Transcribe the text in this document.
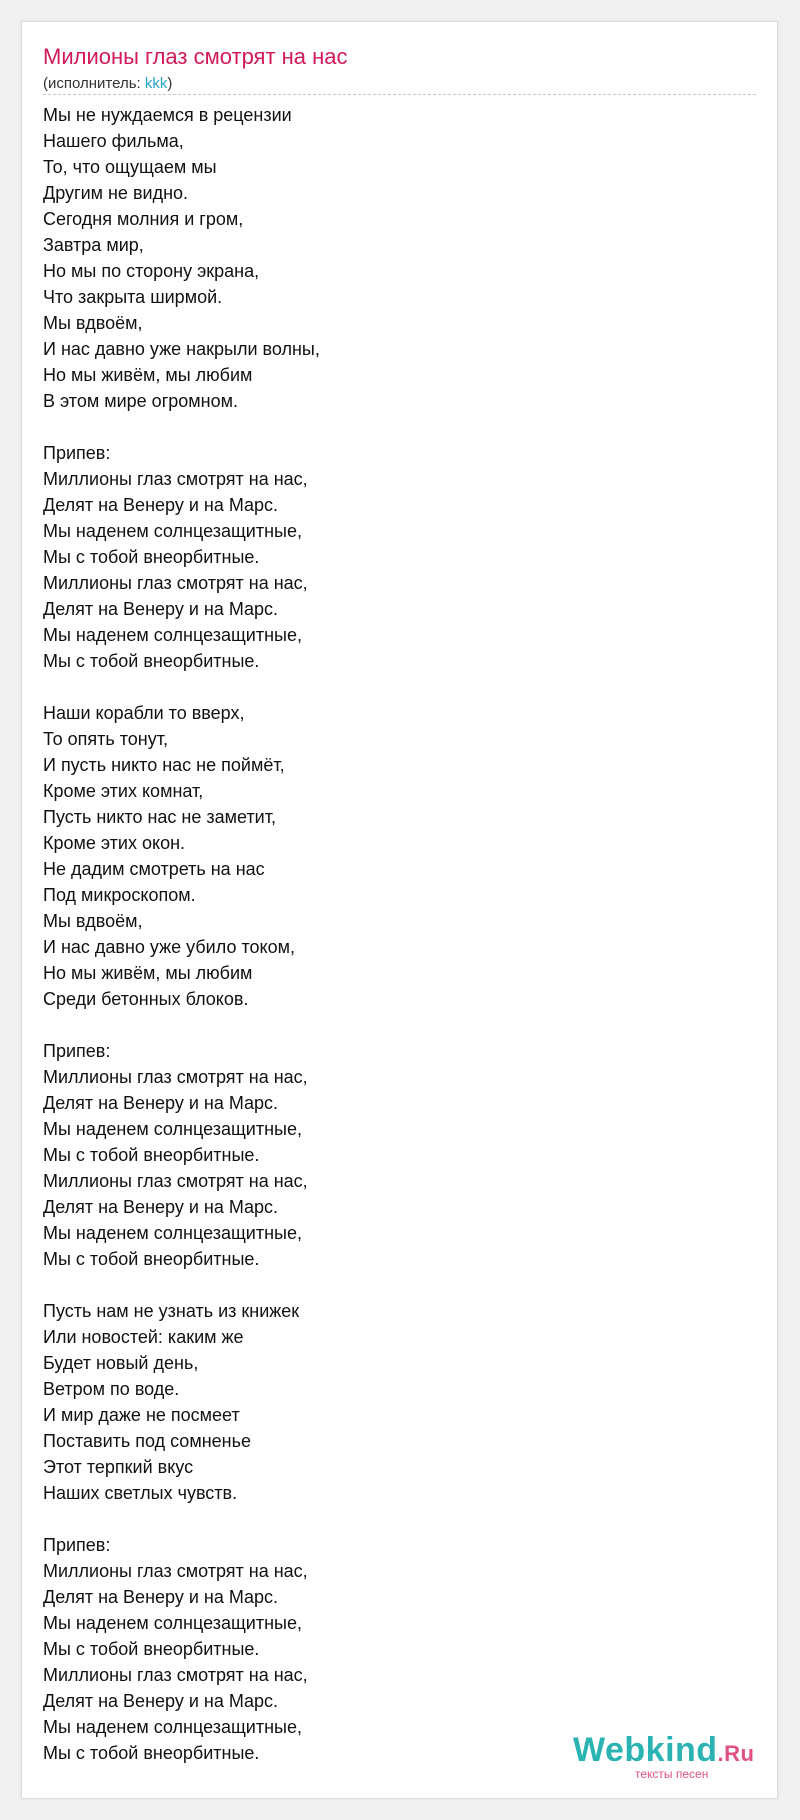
Милионы глаз смотрят на нас
(исполнитель: kkk)
Мы не нуждаемся в рецензии
Нашего фильма,
То, что ощущаем мы
Другим не видно.
Сегодня молния и гром,
Завтра мир,
Но мы по сторону экрана,
Что закрыта ширмой.
Мы вдвоём,
И нас давно уже накрыли волны,
Но мы живём, мы любим
В этом мире огромном.
Припев:
Миллионы глаз смотрят на нас,
Делят на Венеру и на Марс.
Мы наденем солнцезащитные,
Мы с тобой внеорбитные.
Миллионы глаз смотрят на нас,
Делят на Венеру и на Марс.
Мы наденем солнцезащитные,
Мы с тобой внеорбитные.
Наши корабли то вверх,
То опять тонут,
И пусть никто нас не поймёт,
Кроме этих комнат,
Пусть никто нас не заметит,
Кроме этих окон.
Не дадим смотреть на нас
Под микроскопом.
Мы вдвоём,
И нас давно уже убило током,
Но мы живём, мы любим
Среди бетонных блоков.
Припев:
Миллионы глаз смотрят на нас,
Делят на Венеру и на Марс.
Мы наденем солнцезащитные,
Мы с тобой внеорбитные.
Миллионы глаз смотрят на нас,
Делят на Венеру и на Марс.
Мы наденем солнцезащитные,
Мы с тобой внеорбитные.
Пусть нам не узнать из книжек
Или новостей: каким же
Будет новый день,
Ветром по воде.
И мир даже не посмеет
Поставить под сомненье
Этот терпкий вкус
Наших светлых чувств.
Припев:
Миллионы глаз смотрят на нас,
Делят на Венеру и на Марс.
Мы наденем солнцезащитные,
Мы с тобой внеорбитные.
Миллионы глаз смотрят на нас,
Делят на Венеру и на Марс.
Мы наденем солнцезащитные,
Мы с тобой внеорбитные.	Webkind.Ru
тексты песен
